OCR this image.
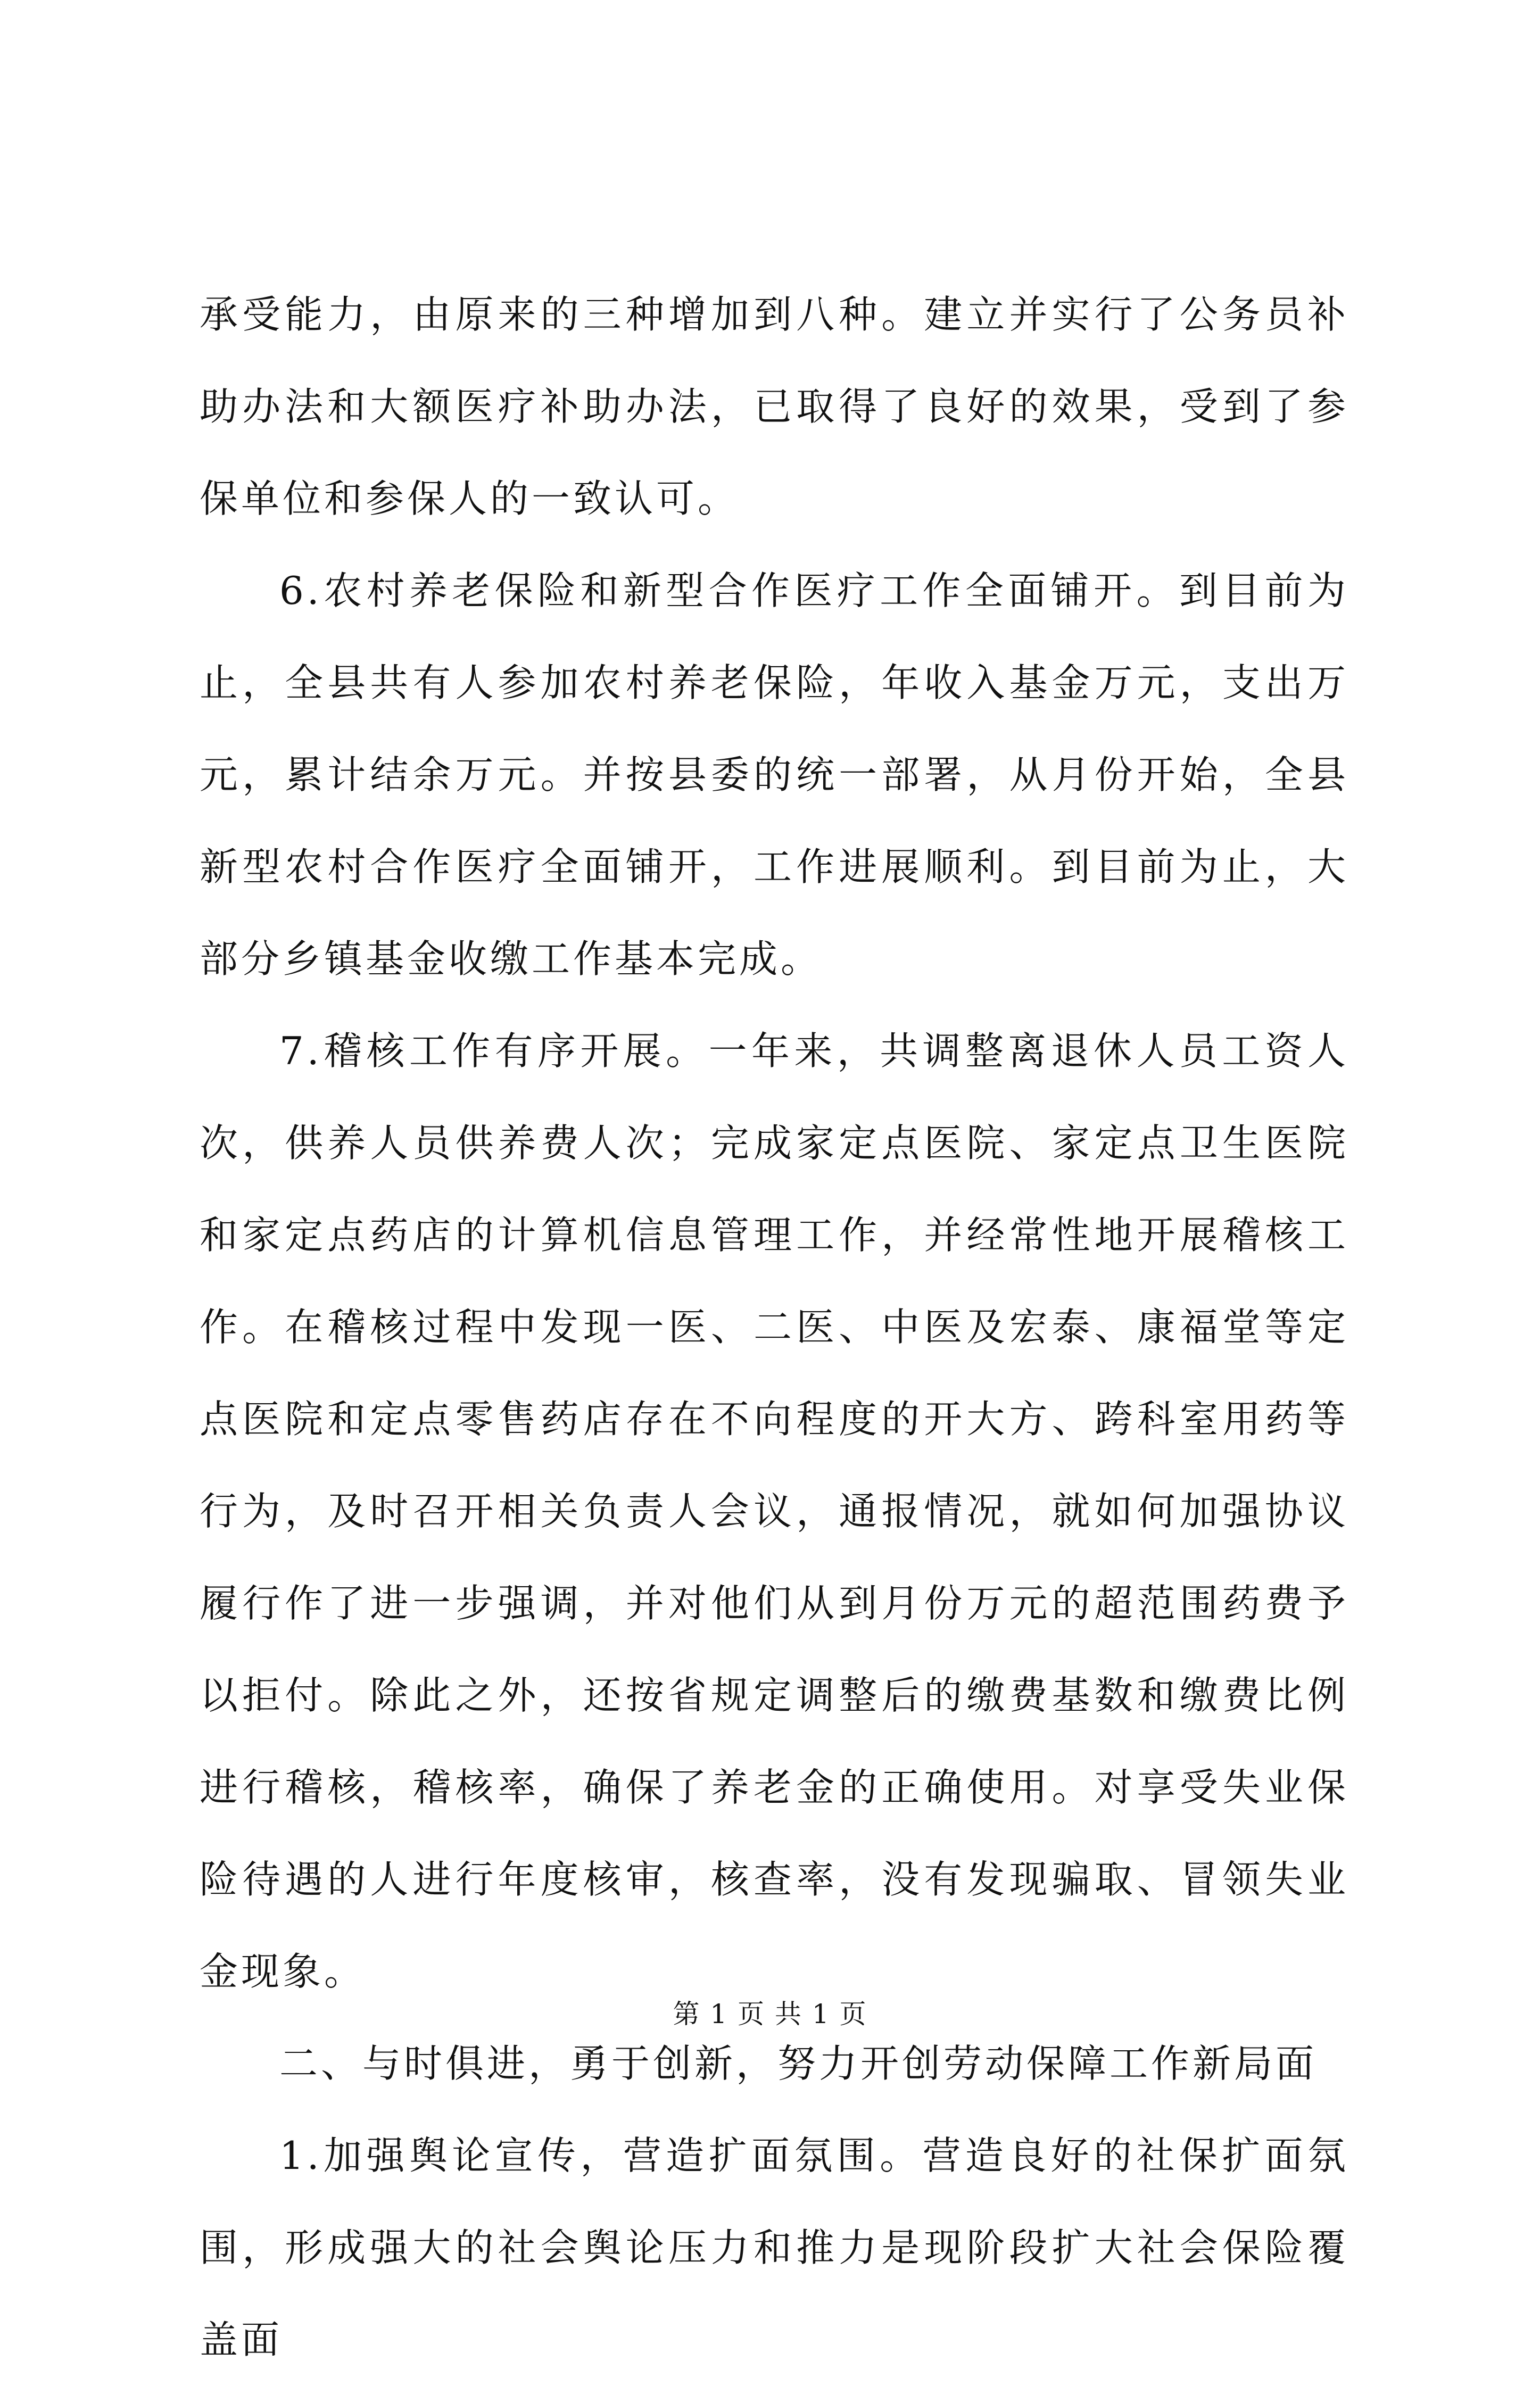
承受能力，由原来的三种增加到八种。建立并实行了公务员补助办法和大额医疗补助办法，已取得了良好的效果，受到了参保单位和参保人的一致认可。

6.农村养老保险和新型合作医疗工作全面铺开。到目前为止，全县共有人参加农村养老保险，年收入基金万元，支出万元，累计结余万元。并按县委的统一部署，从月份开始，全县新型农村合作医疗全面铺开，工作进展顺利。到目前为止，大部分乡镇基金收缴工作基本完成。

7.稽核工作有序开展。一年来，共调整离退休人员工资人次，供养人员供养费人次；完成家定点医院、家定点卫生医院和家定点药店的计算机信息管理工作，并经常性地开展稽核工作。在稽核过程中发现一医、二医、中医及宏泰、康福堂等定点医院和定点零售药店存在不向程度的开大方、跨科室用药等行为，及时召开相关负责人会议，通报情况，就如何加强协议履行作了进一步强调，并对他们从到月份万元的超范围药费予以拒付。除此之外，还按省规定调整后的缴费基数和缴费比例进行稽核，稽核率，确保了养老金的正确使用。对享受失业保险待遇的人进行年度核审，核查率，没有发现骗取、冒领失业金现象。

二、与时俱进，勇于创新，努力开创劳动保障工作新局面

1.加强舆论宣传，营造扩面氛围。营造良好的社保扩面氛围，形成强大的社会舆论压力和推力是现阶段扩大社会保险覆盖面

第 1 页 共 1 页
